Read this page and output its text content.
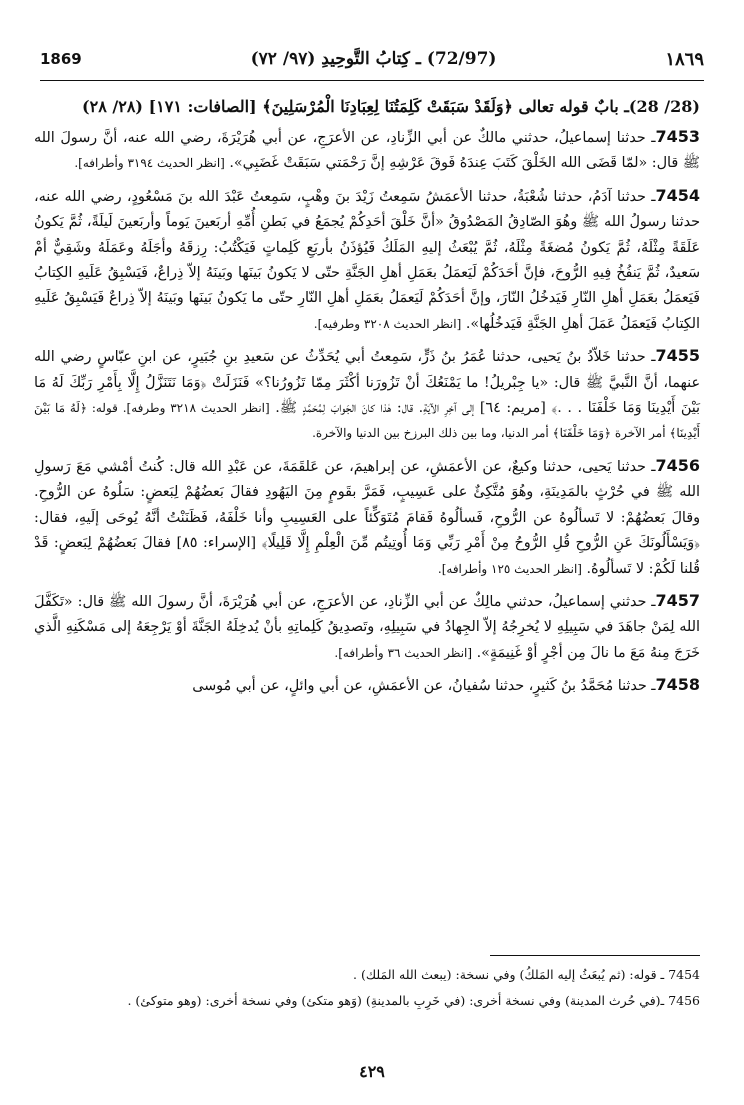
1869	(72/97) ـ كِتابُ التَّوحِيدِ (٩٧/ ٧٢)	١٨٦٩
(28/ 28)ـ بابٌ قوله تعالى ﴿وَلَقَدْ سَبَقَتْ كَلِمَتُنَا لِعِبَادِنَا الْمُرْسَلِينَ﴾ [الصافات: ١٧١] (٢٨/ ٢٨)

7453ـ حدثنا إسماعيلُ، حدثني مالكٌ عن أبي الزِّنادِ، عن الأعرَجِ، عن أبي هُرَيْرَةَ، رضي الله عنه، أنَّ رسولَ الله ﷺ قال: «لمّا قَضَى الله الخَلْقَ كَتَبَ عِندَهُ فَوقَ عَرْشِهِ إنَّ رَحْمَتي سَبَقَتْ غَضَبِي». [انظر الحديث ٣١٩٤ وأطرافه].

7454ـ حدثنا آدَمُ، حدثنا شُعْبَةُ، حدثنا الأعمَشُ سَمِعتُ زَيْدَ بنَ وهْبٍ، سَمِعتُ عَبْدَ الله بنَ مَسْعُودٍ، رضي الله عنه، حدثنا رسولُ الله ﷺ وهُوَ الصّادِقُ المَصْدُوقُ «أنَّ خَلْقَ أحَدِكُمْ يُجمَعُ في بَطنِ أُمِّهِ أربَعينَ يَوماً وأربَعينَ لَيلَةً، ثُمَّ يَكونُ عَلَقَةً مِثْلَهُ، ثُمَّ يَكونُ مُضغَةً مِثْلَهُ، ثُمَّ يُبْعَثُ إليهِ المَلَكُ فَيُؤذَنُ بأربَعِ كَلِماتٍ فَيَكْتُبُ: رِزقَهُ وأجَلَهُ وعَمَلَهُ وشَقِيٌّ أمْ سَعيدٌ، ثُمَّ يَنفُخُ فِيهِ الرُّوحَ، فإنَّ أحَدَكُمْ لَيَعمَلُ بعَمَلِ أهلِ الجَنَّةِ حتّى لا يَكونُ بَينَها وبَينَهُ إلاّ ذِراعٌ، فَيَسْبِقُ عَلَيهِ الكِتابُ فَيَعمَلُ بعَمَلِ أهلِ النّارِ فَيَدخُلُ النّارَ، وإنَّ أحَدَكُمْ لَيَعمَلُ بعَمَلِ أهلِ النّارِ حتّى ما يَكونُ بَينَها وبَينَهُ إلاّ ذِراعٌ فَيَسْبِقُ عَلَيهِ الكِتابُ فَيَعمَلُ عَمَلَ أهلِ الجَنَّةِ فَيَدخُلُها». [انظر الحديث ٣٢٠٨ وطرفيه].

7455ـ حدثنا خَلاّدُ بنُ يَحيى، حدثنا عُمَرُ بنُ ذَرٍّ، سَمِعتُ أبي يُحَدِّثُ عن سَعيدِ بنِ جُبَيرٍ، عن ابنِ عبّاسٍ رضي الله عنهما، أنَّ النَّبيَّ ﷺ قال: «يا جِبْريلُ! ما يَمْنَعُكَ أنْ تَزُورَنا أكْثَرَ مِمّا تَزُورُنا؟» فَنَزَلَتْ ﴿وَمَا نَتَنَزَّلُ إِلَّا بِأَمْرِ رَبِّكَ لَهُ مَا بَيْنَ أَيْدِينَا وَمَا خَلْفَنَا . . .﴾ [مريم: ٦٤] إلى آخِرِ الآيَةِ. قال: هٰذا كانَ الجَوابَ لِمُحَمَّدٍ ﷺ. [انظر الحديث ٣٢١٨ وطرفه]. قوله: ﴿لَهُ مَا بَيْنَ أَيْدِينَا﴾ أمر الآخرة ﴿وَمَا خَلْفَنَا﴾ أمر الدنيا، وما بين ذلك البرزخ بين الدنيا والآخرة.

7456ـ حدثنا يَحيى، حدثنا وكيعٌ، عن الأعمَشِ، عن إبراهيمَ، عن عَلقَمَةَ، عن عَبْدِ الله قال: كُنتُ أمْشي مَعَ رَسولِ الله ﷺ في حُرْثٍ بالمَدِينَةِ، وهُوَ مُتَّكِئٌ على عَسِيبٍ، فَمَرَّ بقَومٍ مِنَ اليَهُودِ فقالَ بَعضُهُمْ لِبَعضٍ: سَلُوهُ عن الرُّوحِ. وقالَ بَعضُهُمْ: لا تَسألُوهُ عن الرُّوحِ، فَسألُوهُ فَقامَ مُتَوَكِّئاً على العَسِيبِ وأنا خَلْفَهُ، فَظَنَنْتُ أنَّهُ يُوحَى إلَيهِ، فقال: ﴿وَيَسْأَلُونَكَ عَنِ الرُّوحِ قُلِ الرُّوحُ مِنْ أَمْرِ رَبِّي وَمَا أُوتِيتُم مِّنَ الْعِلْمِ إِلَّا قَلِيلًا﴾ [الإسراء: ٨٥] فقالَ بَعضُهُمْ لِبَعضٍ: قَدْ قُلنا لَكُمْ: لا تَسألُوهُ. [انظر الحديث ١٢٥ وأطرافه].

7457ـ حدثني إسماعيلُ، حدثني مالِكٌ عن أبي الزِّنادِ، عن الأعرَجِ، عن أبي هُرَيْرَةَ، أنَّ رسولَ الله ﷺ قال: «تَكَفَّلَ الله لِمَنْ جاهَدَ في سَبِيلِهِ لا يُخرِجُهُ إلاّ الجِهادُ في سَبِيلِهِ، وتَصدِيقُ كَلِماتِهِ بأنْ يُدخِلَهُ الجَنَّةَ أوْ يَرْجِعَهُ إلى مَسْكَنِهِ الَّذي خَرَجَ مِنهُ مَعَ ما نالَ مِن أجْرٍ أوْ غَنِيمَةٍ». [انظر الحديث ٣٦ وأطرافه].

7458ـ حدثنا مُحَمَّدُ بنُ كَثيرٍ، حدثنا سُفيانُ، عن الأعمَشِ، عن أبي وائلٍ، عن أبي مُوسى

7454 ـ قوله: (ثم يُبعَثُ إليه المَلكُ) وفي نسخة: (يبعث الله المَلك) .
7456 ـ(في حُرث المدينة) وفي نسخة أخرى: (في خَرِبِ بالمدينةِ) (وَهو متكئ) وفي نسخة أخرى: (وهو متوكئ) .
٤٢٩
